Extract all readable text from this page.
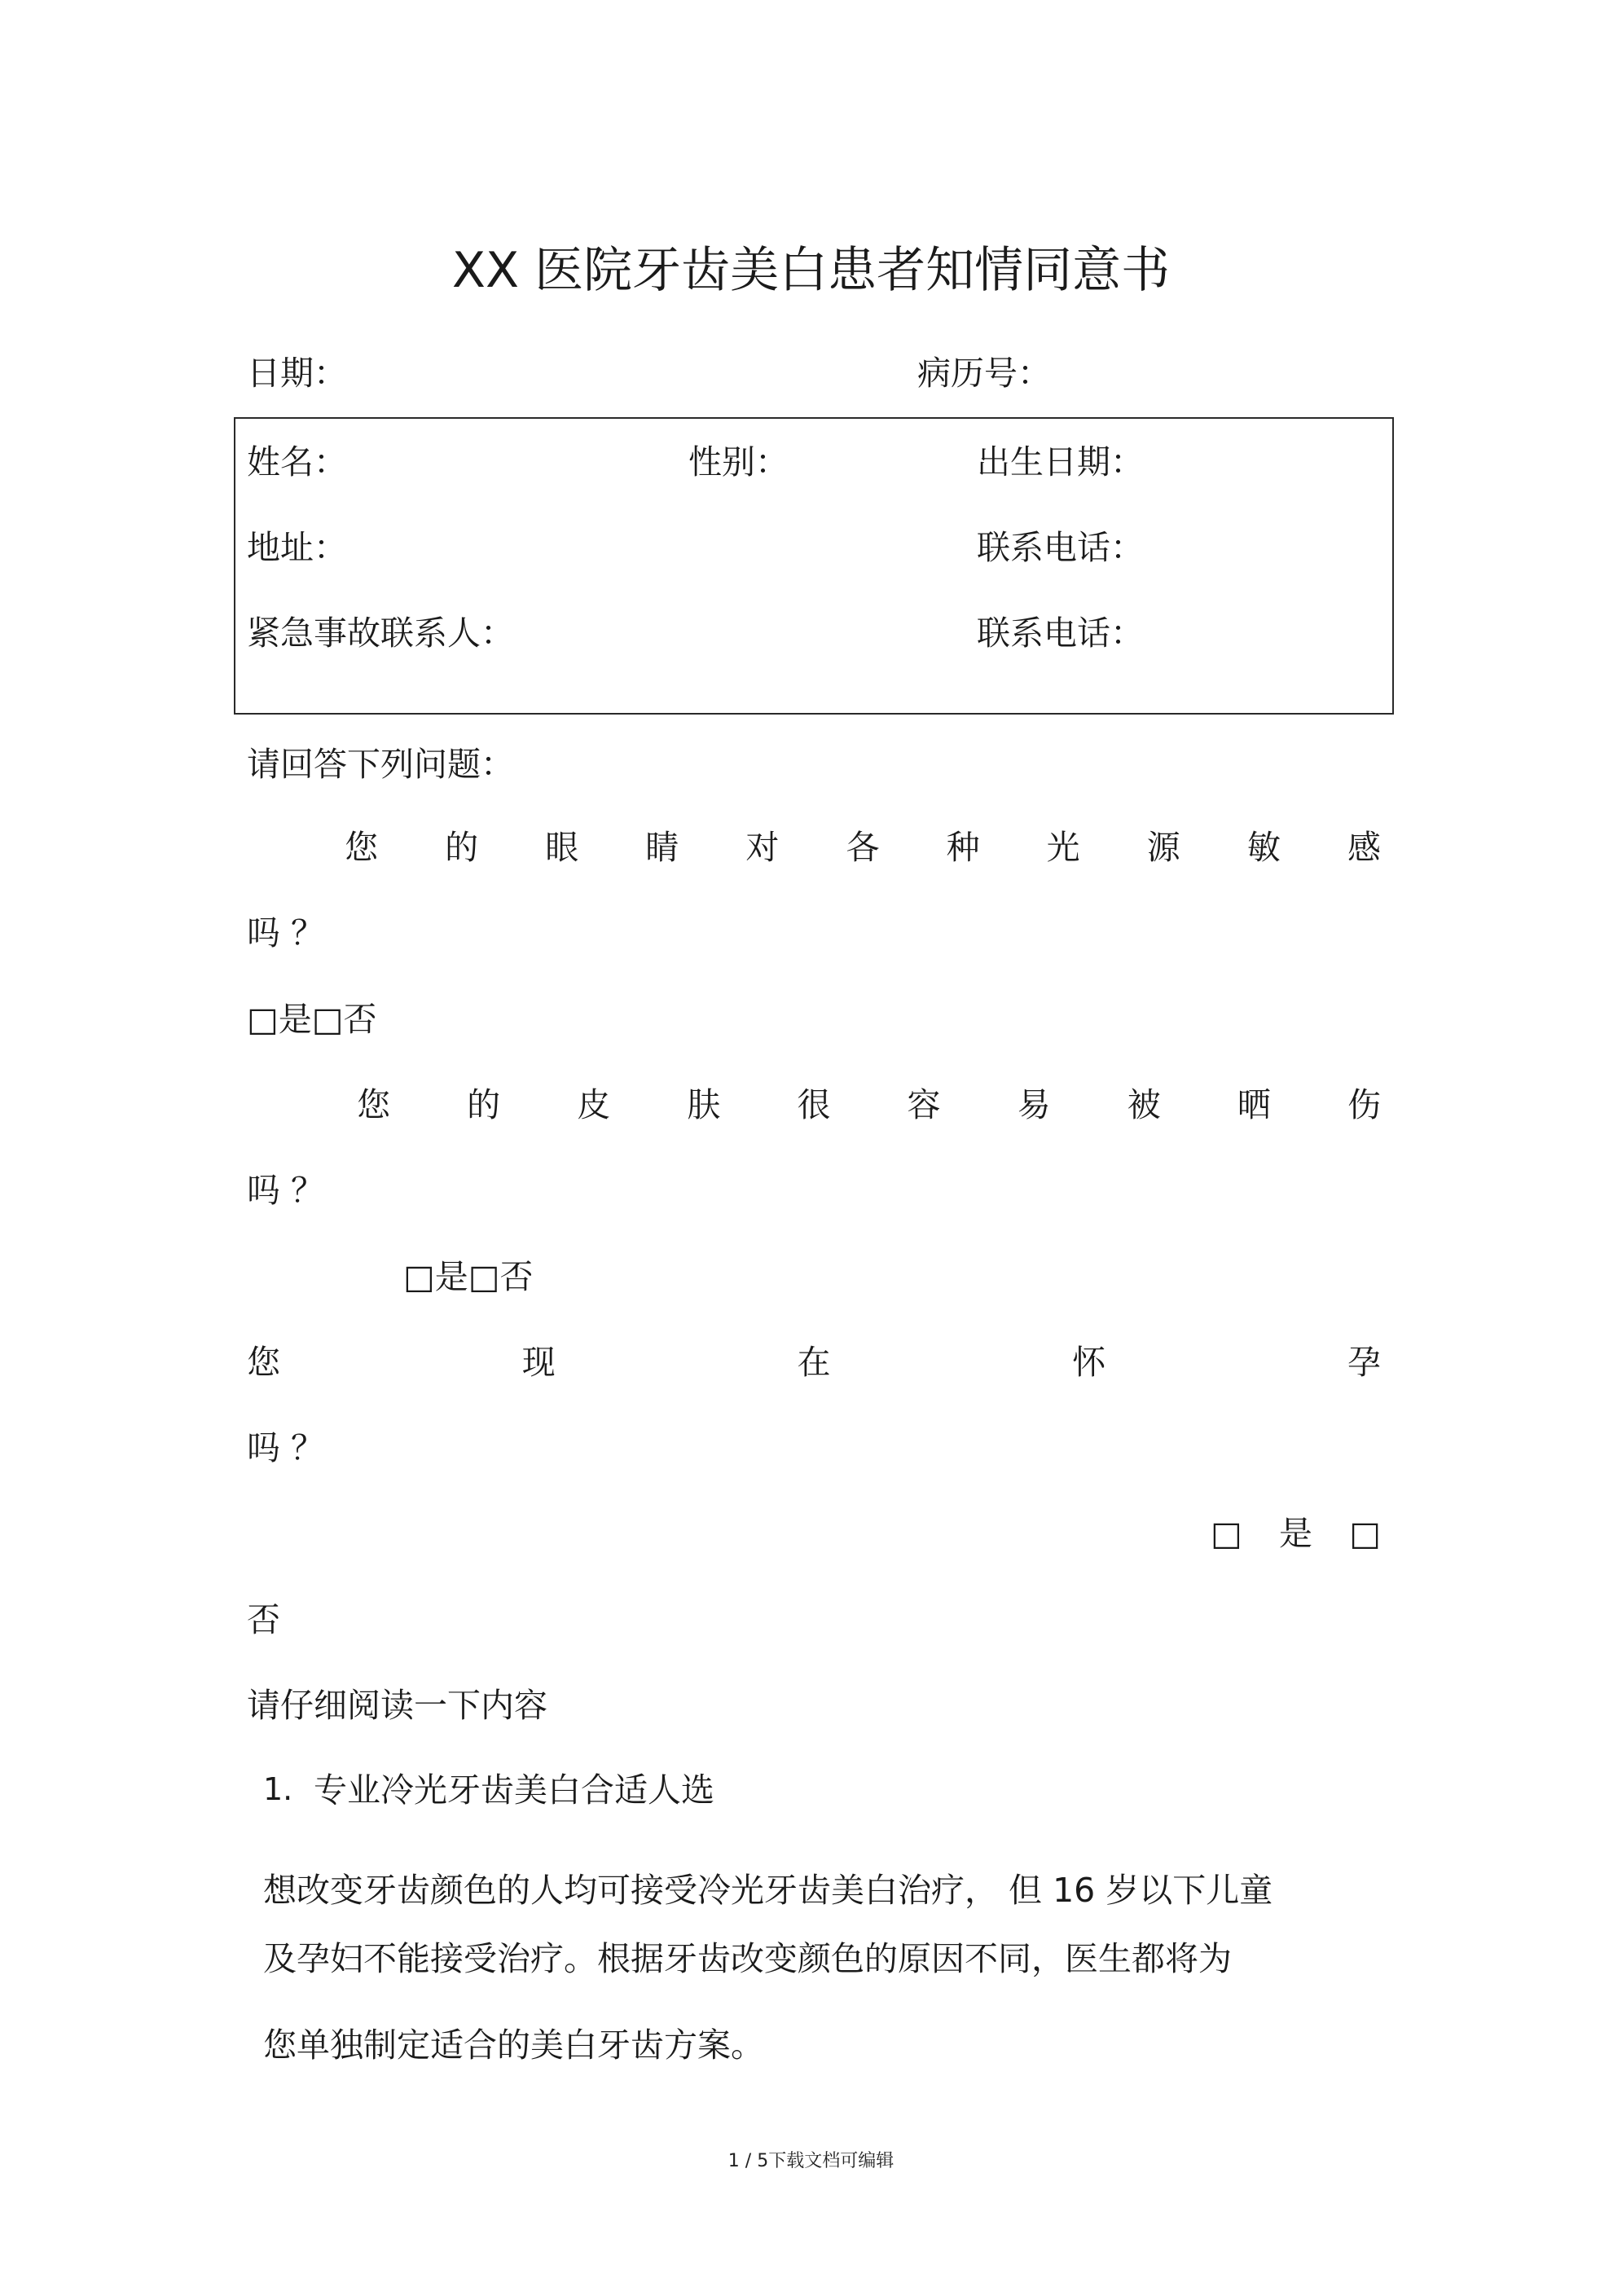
XX 医院牙齿美白患者知情同意书
日期：	病历号：
姓名：	性别：	出生日期：
地址：	联系电话：
紧急事故联系人：	联系电话：
请回答下列问题：
您 的 眼 睛 对 各 种 光 源 敏 感
吗 ？
□是□否
您 的 皮 肤 很 容 易 被 晒 伤
吗 ？
□是□否
您	现	在	怀	孕
吗 ？
□ 是 □
否
请仔细阅读一下内容
1. 专业冷光牙齿美白合适人选
想改变牙齿颜色的人均可接受冷光牙齿美白治疗， 但 16 岁以下儿童
及孕妇不能接受治疗。根据牙齿改变颜色的原因不同，医生都将为
您单独制定适合的美白牙齿方案。
1 / 5下载文档可编辑
